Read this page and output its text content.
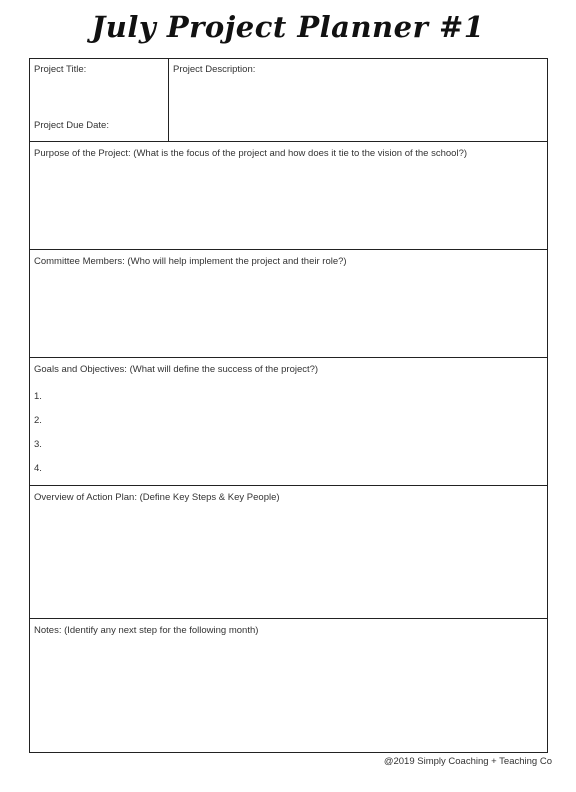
July Project Planner #1
Project Title:
Project Due Date:
Project Description:
Purpose of the Project: (What is the focus of the project and how does it tie to the vision of the school?)
Committee Members: (Who will help implement the project and their role?)
Goals and Objectives: (What will define the success of the project?)
1.
2.
3.
4.
Overview of Action Plan: (Define Key Steps & Key People)
Notes: (Identify any next step for the following month)
@2019 Simply Coaching + Teaching Co
